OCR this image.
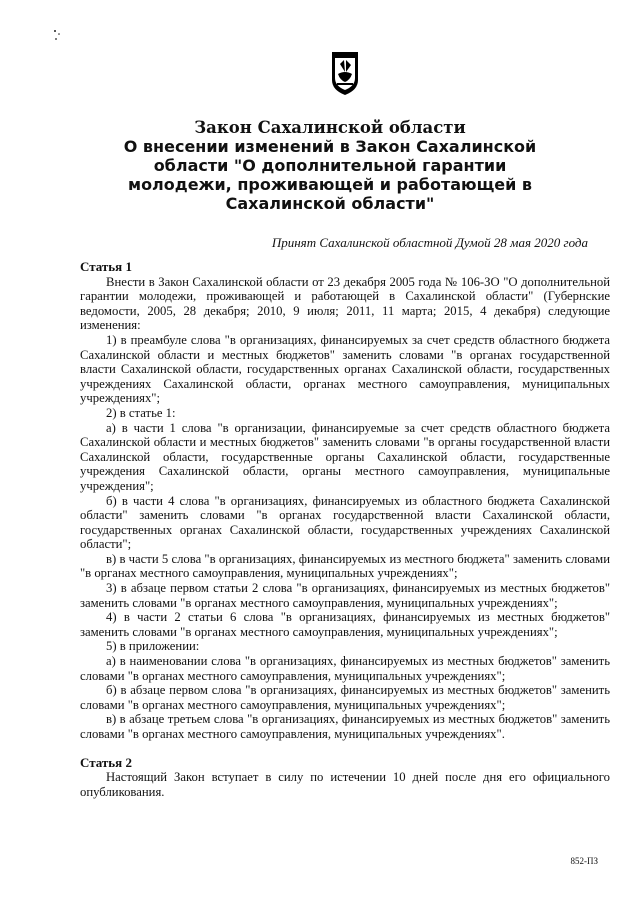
Закон Сахалинской области
О внесении изменений в Закон Сахалинской области "О дополнительной гарантии молодежи, проживающей и работающей в Сахалинской области"
Принят Сахалинской областной Думой 28 мая 2020 года

Статья 1

Внести в Закон Сахалинской области от 23 декабря 2005 года № 106-ЗО "О дополнительной гарантии молодежи, проживающей и работающей в Сахалинской области" (Губернские ведомости, 2005, 28 декабря; 2010, 9 июля; 2011, 11 марта; 2015, 4 декабря) следующие изменения:

1) в преамбуле слова "в организациях, финансируемых за счет средств областного бюджета Сахалинской области и местных бюджетов" заменить словами "в органах государственной власти Сахалинской области, государственных органах Сахалинской области, государственных учреждениях Сахалинской области, органах местного самоуправления, муниципальных учреждениях";

2) в статье 1:

а) в части 1 слова "в организации, финансируемые за счет средств областного бюджета Сахалинской области и местных бюджетов" заменить словами "в органы государственной власти Сахалинской области, государственные органы Сахалинской области, государственные учреждения Сахалинской области, органы местного самоуправления, муниципальные учреждения";

б) в части 4 слова "в организациях, финансируемых из областного бюджета Сахалинской области" заменить словами "в органах государственной власти Сахалинской области, государственных органах Сахалинской области, государственных учреждениях Сахалинской области";

в) в части 5 слова "в организациях, финансируемых из местного бюджета" заменить словами "в органах местного самоуправления, муниципальных учреждениях";

3) в абзаце первом статьи 2 слова "в организациях, финансируемых из местных бюджетов" заменить словами "в органах местного самоуправления, муниципальных учреждениях";

4) в части 2 статьи 6 слова "в организациях, финансируемых из местных бюджетов" заменить словами "в органах местного самоуправления, муниципальных учреждениях";

5) в приложении:

а) в наименовании слова "в организациях, финансируемых из местных бюджетов" заменить словами "в органах местного самоуправления, муниципальных учреждениях";

б) в абзаце первом слова "в организациях, финансируемых из местных бюджетов" заменить словами "в органах местного самоуправления, муниципальных учреждениях";

в) в абзаце третьем слова "в организациях, финансируемых из местных бюджетов" заменить словами "в органах местного самоуправления, муниципальных учреждениях".

Статья 2

Настоящий Закон вступает в силу по истечении 10 дней после дня его официального опубликования.

852-ПЗ
